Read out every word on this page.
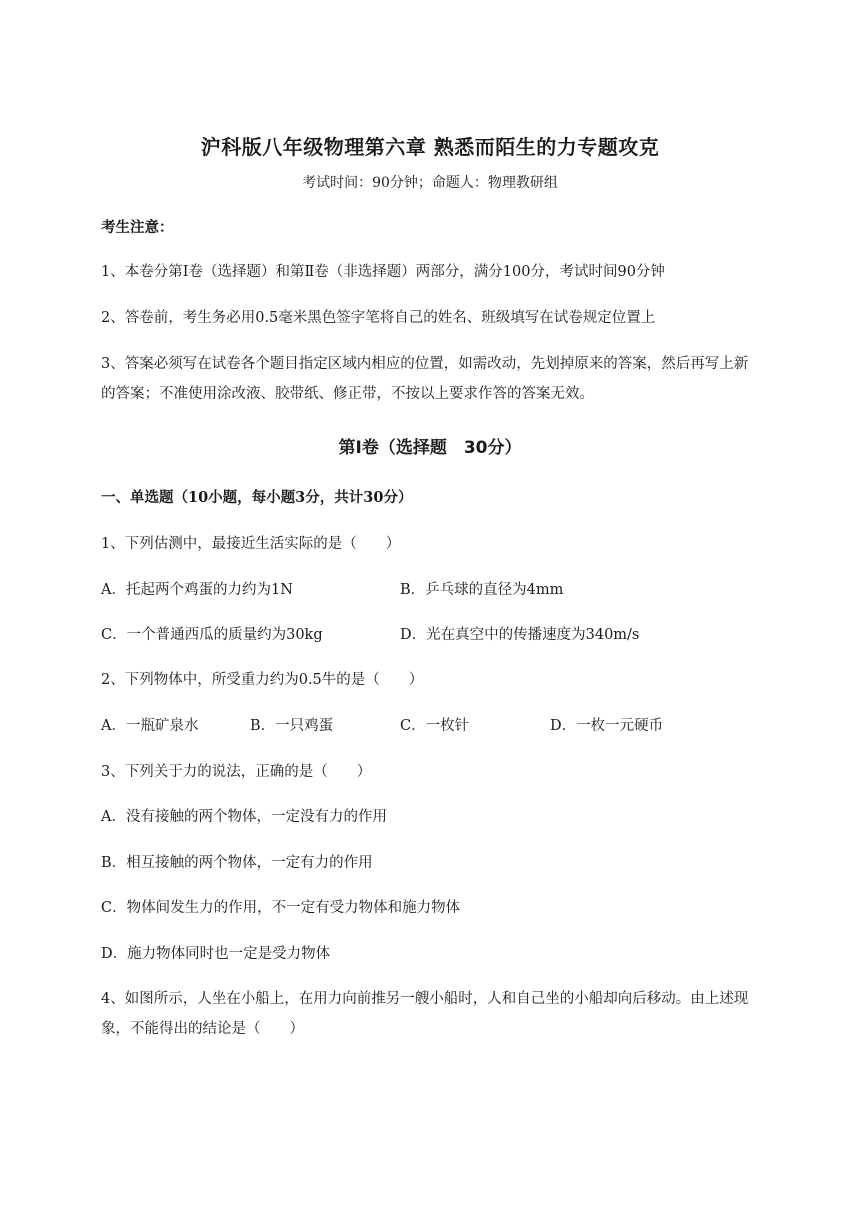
沪科版八年级物理第六章 熟悉而陌生的力专题攻克
考试时间：90分钟；命题人：物理教研组
考生注意：
1、本卷分第Ⅰ卷（选择题）和第Ⅱ卷（非选择题）两部分，满分100分，考试时间90分钟
2、答卷前，考生务必用0.5毫米黑色签字笔将自己的姓名、班级填写在试卷规定位置上
3、答案必须写在试卷各个题目指定区域内相应的位置，如需改动，先划掉原来的答案，然后再写上新的答案；不准使用涂改液、胶带纸、修正带，不按以上要求作答的答案无效。
第Ⅰ卷（选择题　30分）
一、单选题（10小题，每小题3分，共计30分）
1、下列估测中，最接近生活实际的是（　　）
A．托起两个鸡蛋的力约为1N	B．乒乓球的直径为4mm
C．一个普通西瓜的质量约为30kg	D．光在真空中的传播速度为340m/s
2、下列物体中，所受重力约为0.5牛的是（　　）
A．一瓶矿泉水	B．一只鸡蛋	C．一枚针	D．一枚一元硬币
3、下列关于力的说法，正确的是（　　）
A．没有接触的两个物体，一定没有力的作用
B．相互接触的两个物体，一定有力的作用
C．物体间发生力的作用，不一定有受力物体和施力物体
D．施力物体同时也一定是受力物体
4、如图所示，人坐在小船上，在用力向前推另一艘小船时，人和自己坐的小船却向后移动。由上述现象，不能得出的结论是（　　）
